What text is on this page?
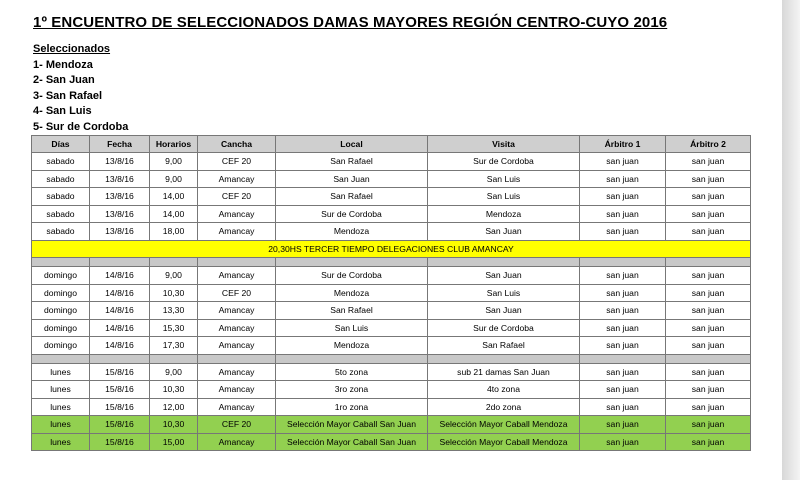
1º ENCUENTRO DE SELECCIONADOS DAMAS MAYORES REGIÓN CENTRO-CUYO 2016
Seleccionados
1- Mendoza
2- San Juan
3- San Rafael
4- San Luis
5- Sur de Cordoba
Días	Fecha	Horarios	Cancha	Local	Visita	Árbitro 1	Árbitro 2
sabado	13/8/16	9,00	CEF 20	San Rafael	Sur de Cordoba	san juan	san juan
sabado	13/8/16	9,00	Amancay	San Juan	San Luis	san juan	san juan
sabado	13/8/16	14,00	CEF 20	San Rafael	San Luis	san juan	san juan
sabado	13/8/16	14,00	Amancay	Sur de Cordoba	Mendoza	san juan	san juan
sabado	13/8/16	18,00	Amancay	Mendoza	San Juan	san juan	san juan
20,30HS TERCER TIEMPO DELEGACIONES CLUB AMANCAY							

domingo	14/8/16	9,00	Amancay	Sur de Cordoba	San Juan	san juan	san juan
domingo	14/8/16	10,30	CEF 20	Mendoza	San Luis	san juan	san juan
domingo	14/8/16	13,30	Amancay	San Rafael	San Juan	san juan	san juan
domingo	14/8/16	15,30	Amancay	San Luis	Sur de Cordoba	san juan	san juan
domingo	14/8/16	17,30	Amancay	Mendoza	San Rafael	san juan	san juan

lunes	15/8/16	9,00	Amancay	5to zona	sub 21 damas San Juan	san juan	san juan
lunes	15/8/16	10,30	Amancay	3ro zona	4to zona	san juan	san juan
lunes	15/8/16	12,00	Amancay	1ro zona	2do zona	san juan	san juan
lunes	15/8/16	10,30	CEF 20	Selección Mayor Caball San Juan	Selección Mayor Caball Mendoza	san juan	san juan
lunes	15/8/16	15,00	Amancay	Selección Mayor Caball San Juan	Selección Mayor Caball Mendoza	san juan	san juan
